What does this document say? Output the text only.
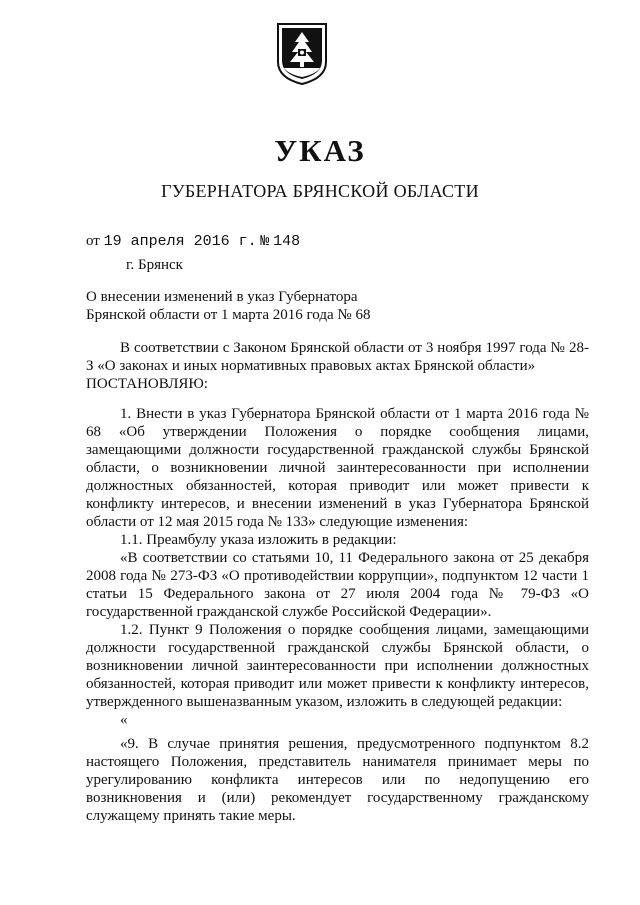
УКАЗ
ГУБЕРНАТОРА БРЯНСКОЙ ОБЛАСТИ
от 19 апреля 2016 г. № 148
г. Брянск
О внесении изменений в указ Губернатора
Брянской области от 1 марта 2016 года № 68

В соответствии с Законом Брянской области от 3 ноября 1997 года № 28-З «О законах и иных нормативных правовых актах Брянской области»

ПОСТАНОВЛЯЮ:

1. Внести в указ Губернатора Брянской области от 1 марта 2016 года № 68 «Об утверждении Положения о порядке сообщения лицами, замещающими должности государственной гражданской службы Брянской области, о возникновении личной заинтересованности при исполнении должностных обязанностей, которая приводит или может привести к конфликту интересов, и внесении изменений в указ Губернатора Брянской области от 12 мая 2015 года № 133» следующие изменения:

1.1. Преамбулу указа изложить в редакции:

«В соответствии со статьями 10, 11 Федерального закона от 25 декабря 2008 года № 273-ФЗ «О противодействии коррупции», подпунктом 12 части 1 статьи 15 Федерального закона от 27 июля 2004 года № 79-ФЗ «О государственной гражданской службе Российской Федерации».

1.2. Пункт 9 Положения о порядке сообщения лицами, замещающими должности государственной гражданской службы Брянской области, о возникновении личной заинтересованности при исполнении должностных обязанностей, которая приводит или может привести к конфликту интересов, утвержденного вышеназванным указом, изложить в следующей редакции:

«

«9. В случае принятия решения, предусмотренного подпунктом 8.2 настоящего Положения, представитель нанимателя принимает меры по урегулированию конфликта интересов или по недопущению его возникновения и (или) рекомендует государственному гражданскому служащему принять такие меры.
